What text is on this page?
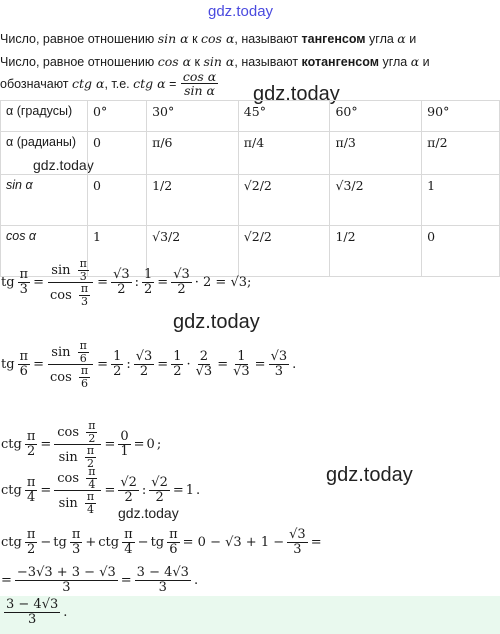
gdz.today
gdz.today
gdz.today
gdz.today
gdz.today
gdz.today
Число, равное отношению sin α к cos α, называют тангенсом угла α и
Число, равное отношению cos α к sin α, называют котангенсом угла α и
обозначают
ctg α , т.е.
ctg α
=
$\frac{\text{cos α}}{\text{sin α}}$
α (градусы)	0°	30°	45°	60°	90°
α (радианы)	0	π/6	π/4	π/3	π/2
sin α	0	1/2	√2/2	√3/2	1
cos α	1	√3/2	√2/2	1/2	0
tg $\frac{\pi}{3} = \frac{\sin \frac{\pi}{3}}{\cos \frac{\pi}{3}} = \frac{√3}{2}$ : $\frac{1}{2} = \frac{√3}{2} \cdot 2 = √3$;
tg $\frac{\pi}{6} = \frac{\sin \frac{\pi}{6}}{\cos \frac{\pi}{6}} = \frac{1}{2}$ : $\frac{√3}{2} = \frac{1}{2} \cdot \frac{2}{√3} = \frac{1}{√3} = \frac{√3}{3}$ .
ctg $\frac{\pi}{2} = \frac{\cos \frac{\pi}{2}}{\sin \frac{\pi}{2}} = \frac{0}{1} = 0$ ;
ctg $\frac{\pi}{4} = \frac{\cos \frac{\pi}{4}}{\sin \frac{\pi}{4}} = \frac{√2}{2}$ : $\frac{√2}{2} = 1$ .
ctg $\frac{\pi}{2}$ − tg $\frac{\pi}{3}$ + ctg $\frac{\pi}{4}$ − tg $\frac{\pi}{6} = 0 - √3 + 1 - \frac{√3}{3}$ =
= $\frac{-3√3 + 3 - √3}{3} = \frac{3 - 4√3}{3}$ .
$\frac{3 - 4√3}{3}$ .
